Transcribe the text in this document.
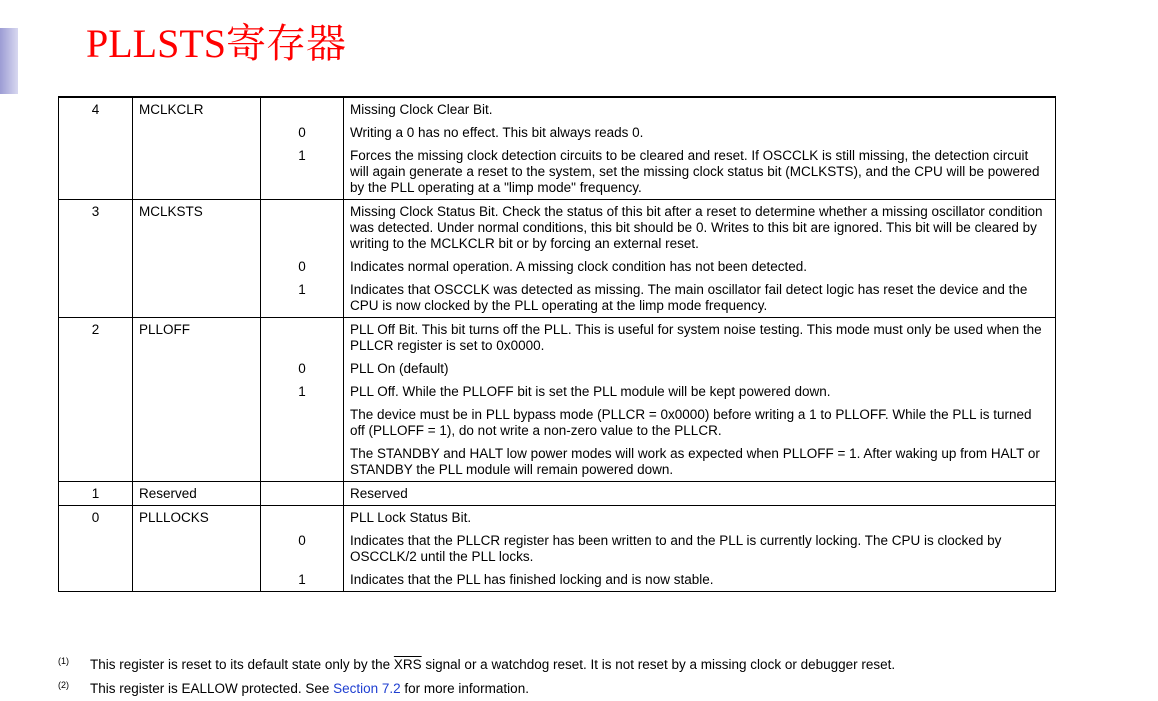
PLLSTS寄存器
4	MCLKCLR		Missing Clock Clear Bit.
		0	Writing a 0 has no effect. This bit always reads 0.
		1	Forces the missing clock detection circuits to be cleared and reset. If OSCCLK is still missing, the detection circuit will again generate a reset to the system, set the missing clock status bit (MCLKSTS), and the CPU will be powered by the PLL operating at a "limp mode" frequency.
3	MCLKSTS		Missing Clock Status Bit. Check the status of this bit after a reset to determine whether a missing oscillator condition was detected. Under normal conditions, this bit should be 0. Writes to this bit are ignored. This bit will be cleared by writing to the MCLKCLR bit or by forcing an external reset.
		0	Indicates normal operation. A missing clock condition has not been detected.
		1	Indicates that OSCCLK was detected as missing. The main oscillator fail detect logic has reset the device and the CPU is now clocked by the PLL operating at the limp mode frequency.
2	PLLOFF		PLL Off Bit. This bit turns off the PLL. This is useful for system noise testing. This mode must only be used when the PLLCR register is set to 0x0000.
		0	PLL On (default)
		1	PLL Off. While the PLLOFF bit is set the PLL module will be kept powered down.
			The device must be in PLL bypass mode (PLLCR = 0x0000) before writing a 1 to PLLOFF. While the PLL is turned off (PLLOFF = 1), do not write a non-zero value to the PLLCR.
			The STANDBY and HALT low power modes will work as expected when PLLOFF = 1. After waking up from HALT or STANDBY the PLL module will remain powered down.
1	Reserved		Reserved
0	PLLLOCKS		PLL Lock Status Bit.
		0	Indicates that the PLLCR register has been written to and the PLL is currently locking. The CPU is clocked by OSCCLK/2 until the PLL locks.
		1	Indicates that the PLL has finished locking and is now stable.
$^{(1)}$ This register is reset to its default state only by the $\overline{XRS}$ signal or a watchdog reset. It is not reset by a missing clock or debugger reset.
$^{(2)}$ This register is EALLOW protected. See Section 7.2 for more information.
